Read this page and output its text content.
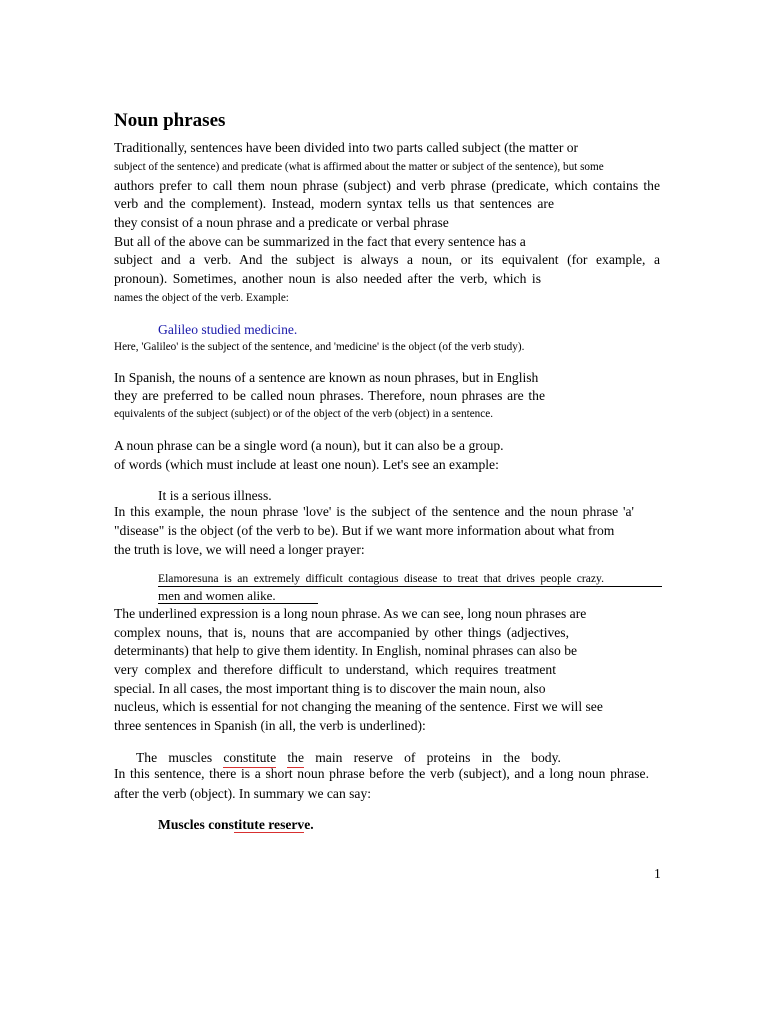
Noun phrases

Traditionally, sentences have been divided into two parts called subject (the matter or

subject of the sentence) and predicate (what is affirmed about the matter or subject of the sentence), but some

authors prefer to call them noun phrase (subject) and verb phrase (predicate, which contains the

verb and the complement). Instead, modern syntax tells us that sentences are

they consist of a noun phrase and a predicate or verbal phrase

But all of the above can be summarized in the fact that every sentence has a

subject and a verb. And the subject is always a noun, or its equivalent (for example, a

pronoun). Sometimes, another noun is also needed after the verb, which is

names the object of the verb. Example:

Galileo studied medicine.

Here, 'Galileo' is the subject of the sentence, and 'medicine' is the object (of the verb study).

In Spanish, the nouns of a sentence are known as noun phrases, but in English

they are preferred to be called noun phrases. Therefore, noun phrases are the

equivalents of the subject (subject) or of the object of the verb (object) in a sentence.

A noun phrase can be a single word (a noun), but it can also be a group.

of words (which must include at least one noun). Let's see an example:

It is a serious illness.

In this example, the noun phrase 'love' is the subject of the sentence and the noun phrase 'a'

"disease" is the object (of the verb to be). But if we want more information about what from

the truth is love, we will need a longer prayer:

Elamoresuna is an extremely difficult contagious disease to treat that drives people crazy.

men and women alike.

The underlined expression is a long noun phrase. As we can see, long noun phrases are

complex nouns, that is, nouns that are accompanied by other things (adjectives,

determinants) that help to give them identity. In English, nominal phrases can also be

very complex and therefore difficult to understand, which requires treatment

special. In all cases, the most important thing is to discover the main noun, also

nucleus, which is essential for not changing the meaning of the sentence. First we will see

three sentences in Spanish (in all, the verb is underlined):

The muscles constitute the main reserve of proteins in the body.

In this sentence, there is a short noun phrase before the verb (subject), and a long noun phrase.

after the verb (object). In summary we can say:

Muscles constitute reserve.

1
